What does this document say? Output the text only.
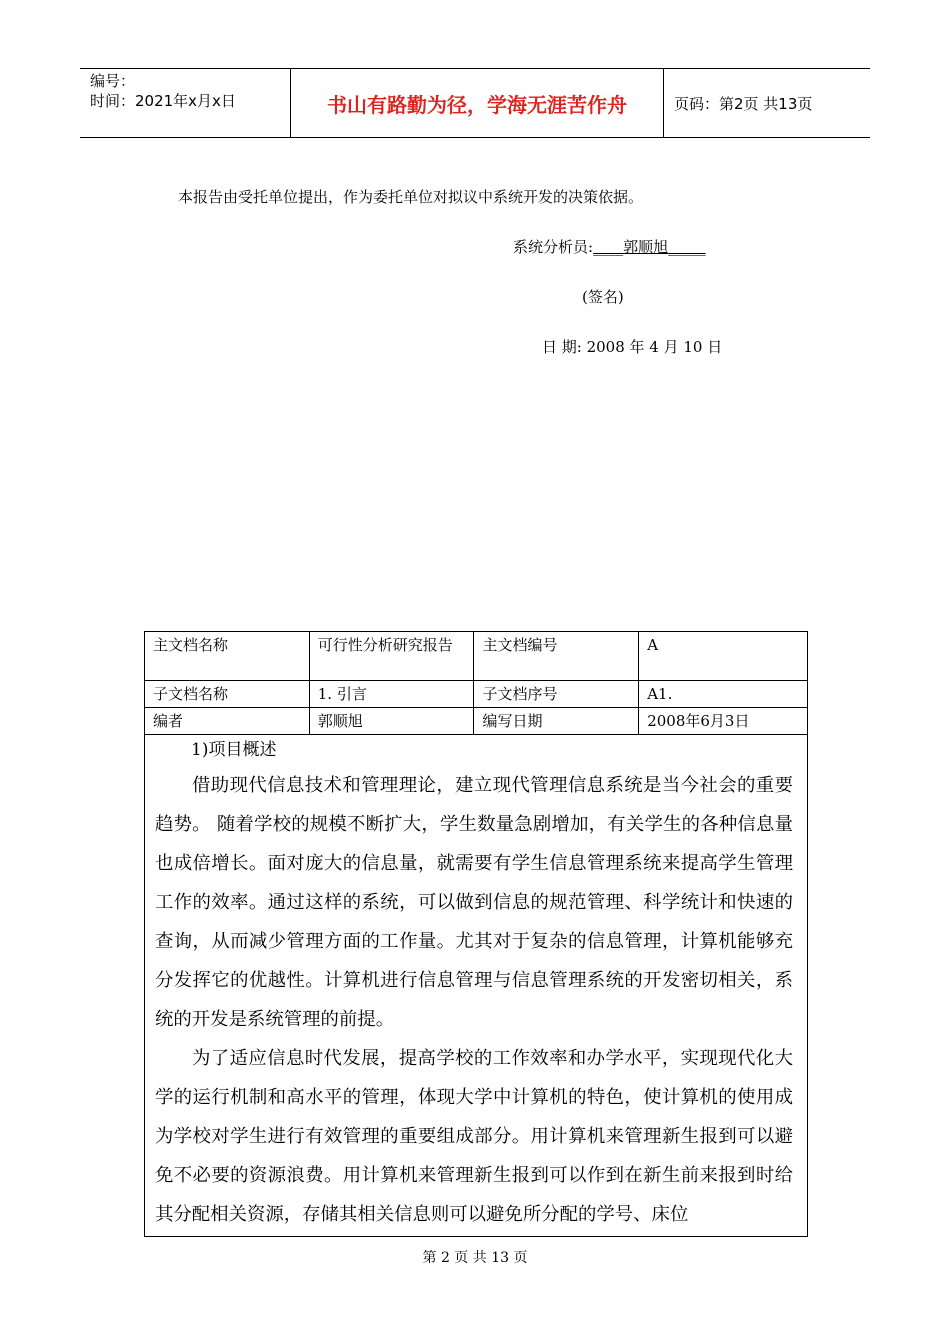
编号：
时间：2021年x月x日	书山有路勤为径，学海无涯苦作舟	页码：第2页 共13页
本报告由受托单位提出，作为委托单位对拟议中系统开发的决策依据。
系统分析员:____郭顺旭_____
(签名)
日 期: 2008 年 4 月 10 日
主文档名称	可行性分析研究报告	主文档编号	A
子文档名称	1. 引言	子文档序号	A1.
编者	郭顺旭	编写日期	2008年6月3日

1)项目概述

借助现代信息技术和管理理论，建立现代管理信息系统是当今社会的重要趋势。 随着学校的规模不断扩大，学生数量急剧增加，有关学生的各种信息量也成倍增长。面对庞大的信息量，就需要有学生信息管理系统来提高学生管理工作的效率。通过这样的系统，可以做到信息的规范管理、科学统计和快速的查询，从而减少管理方面的工作量。尤其对于复杂的信息管理，计算机能够充分发挥它的优越性。计算机进行信息管理与信息管理系统的开发密切相关，系统的开发是系统管理的前提。

为了适应信息时代发展，提高学校的工作效率和办学水平，实现现代化大学的运行机制和高水平的管理，体现大学中计算机的特色，使计算机的使用成为学校对学生进行有效管理的重要组成部分。用计算机来管理新生报到可以避免不必要的资源浪费。用计算机来管理新生报到可以作到在新生前来报到时给其分配相关资源，存储其相关信息则可以避免所分配的学号、床位			

第 2 页 共 13 页
